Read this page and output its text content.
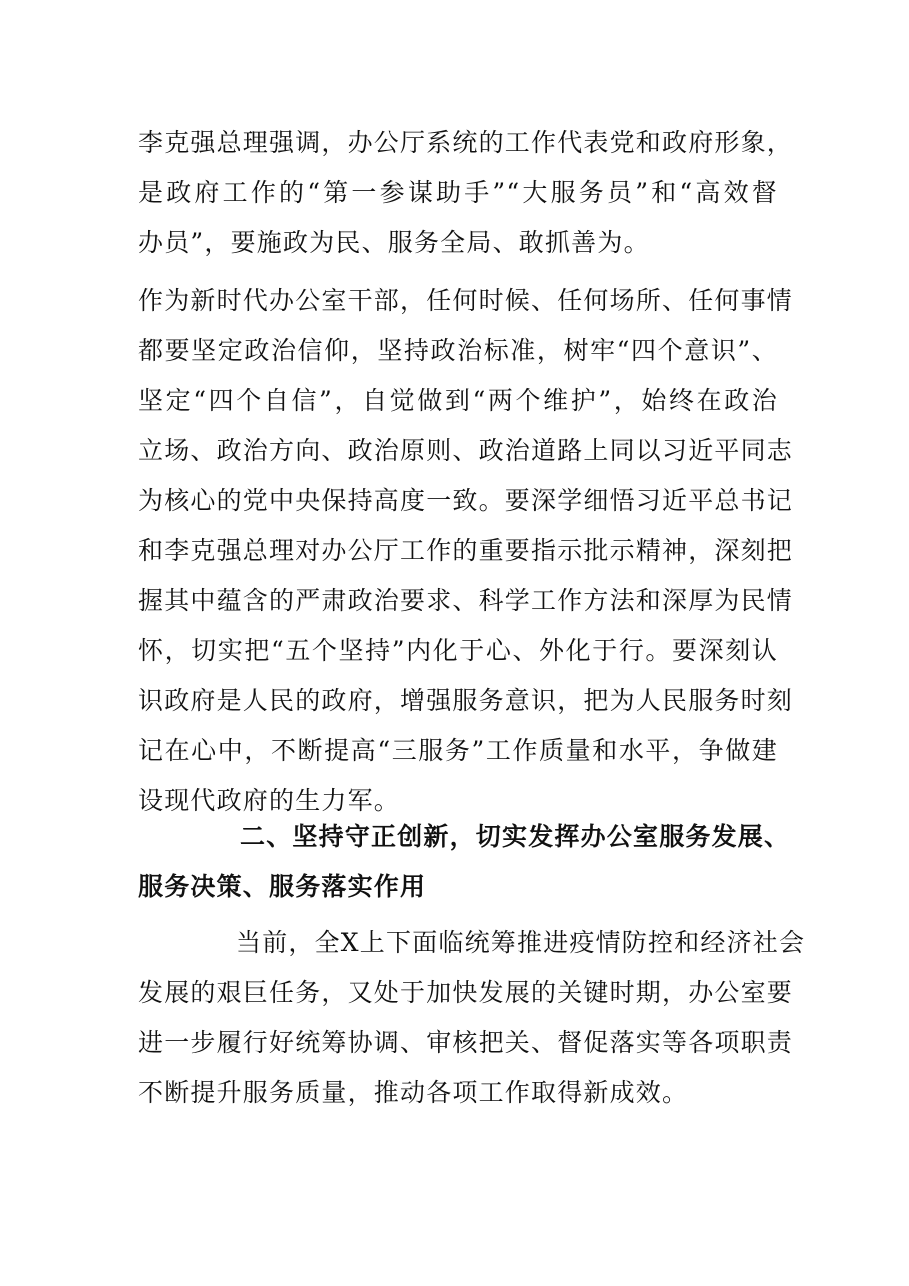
李克强总理强调，办公厅系统的工作代表党和政府形象，
是政府工作的“第一参谋助手”“大服务员”和“高效督
办员”，要施政为民、服务全局、敢抓善为。
作为新时代办公室干部，任何时候、任何场所、任何事情
都要坚定政治信仰，坚持政治标准，树牢“四个意识”、
坚定“四个自信”，自觉做到“两个维护”，始终在政治
立场、政治方向、政治原则、政治道路上同以习近平同志
为核心的党中央保持高度一致。要深学细悟习近平总书记
和李克强总理对办公厅工作的重要指示批示精神，深刻把
握其中蕴含的严肃政治要求、科学工作方法和深厚为民情
怀，切实把“五个坚持”内化于心、外化于行。要深刻认
识政府是人民的政府，增强服务意识，把为人民服务时刻
记在心中，不断提高“三服务”工作质量和水平，争做建
设现代政府的生力军。
二、坚持守正创新，切实发挥办公室服务发展、
服务决策、服务落实作用
当前，全X上下面临统筹推进疫情防控和经济社会
发展的艰巨任务，又处于加快发展的关键时期，办公室要
进一步履行好统筹协调、审核把关、督促落实等各项职责
不断提升服务质量，推动各项工作取得新成效。
